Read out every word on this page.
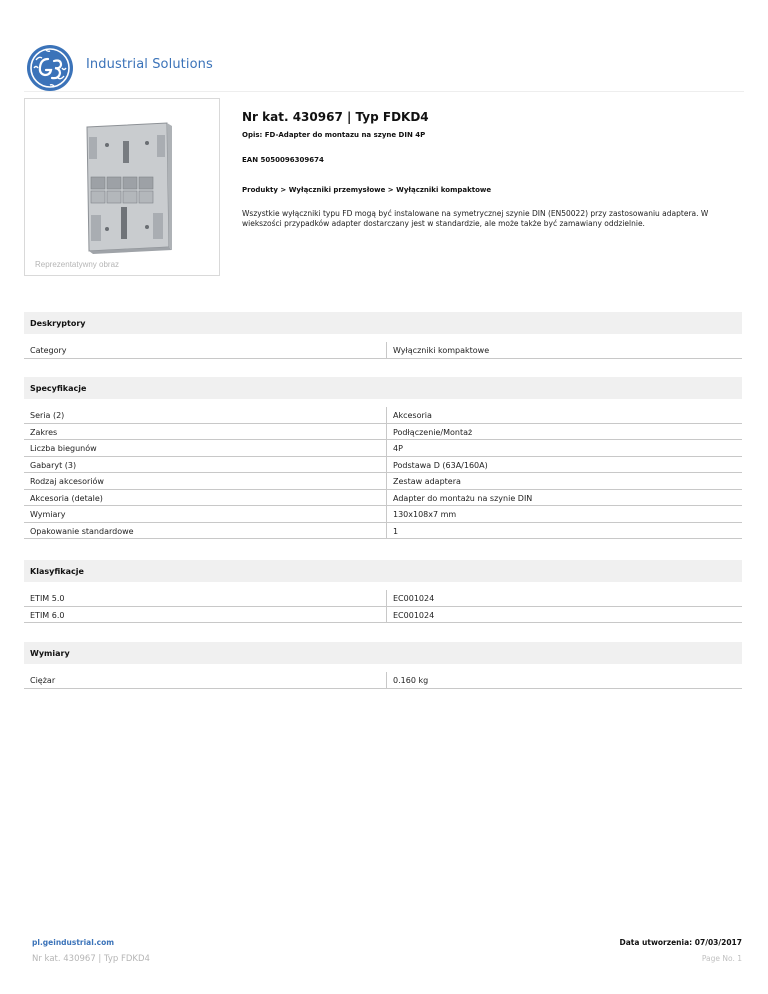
Industrial Solutions
Reprezentatywny obraz
Nr kat. 430967 | Typ FDKD4
Opis: FD-Adapter do montazu na szyne DIN 4P
EAN 5050096309674
Produkty > Wyłączniki przemysłowe > Wyłączniki kompaktowe
Wszystkie wyłączniki typu FD mogą być instalowane na symetrycznej szynie DIN (EN50022) przy zastosowaniu adaptera. W wiekszości przypadków adapter dostarczany jest w standardzie, ale może także być zamawiany oddzielnie.
Deskryptory
Category	Wyłączniki kompaktowe
Specyfikacje
Seria (2)	Akcesoria
Zakres	Podłączenie/Montaż
Liczba biegunów	4P
Gabaryt (3)	Podstawa D (63A/160A)
Rodzaj akcesoriów	Zestaw adaptera
Akcesoria (detale)	Adapter do montażu na szynie DIN
Wymiary	130x108x7 mm
Opakowanie standardowe	1
Klasyfikacje
ETIM 5.0	EC001024
ETIM 6.0	EC001024
Wymiary
Ciężar	0.160 kg
pl.geindustrial.com
Nr kat. 430967 | Typ FDKD4
Data utworzenia: 07/03/2017
Page No. 1
